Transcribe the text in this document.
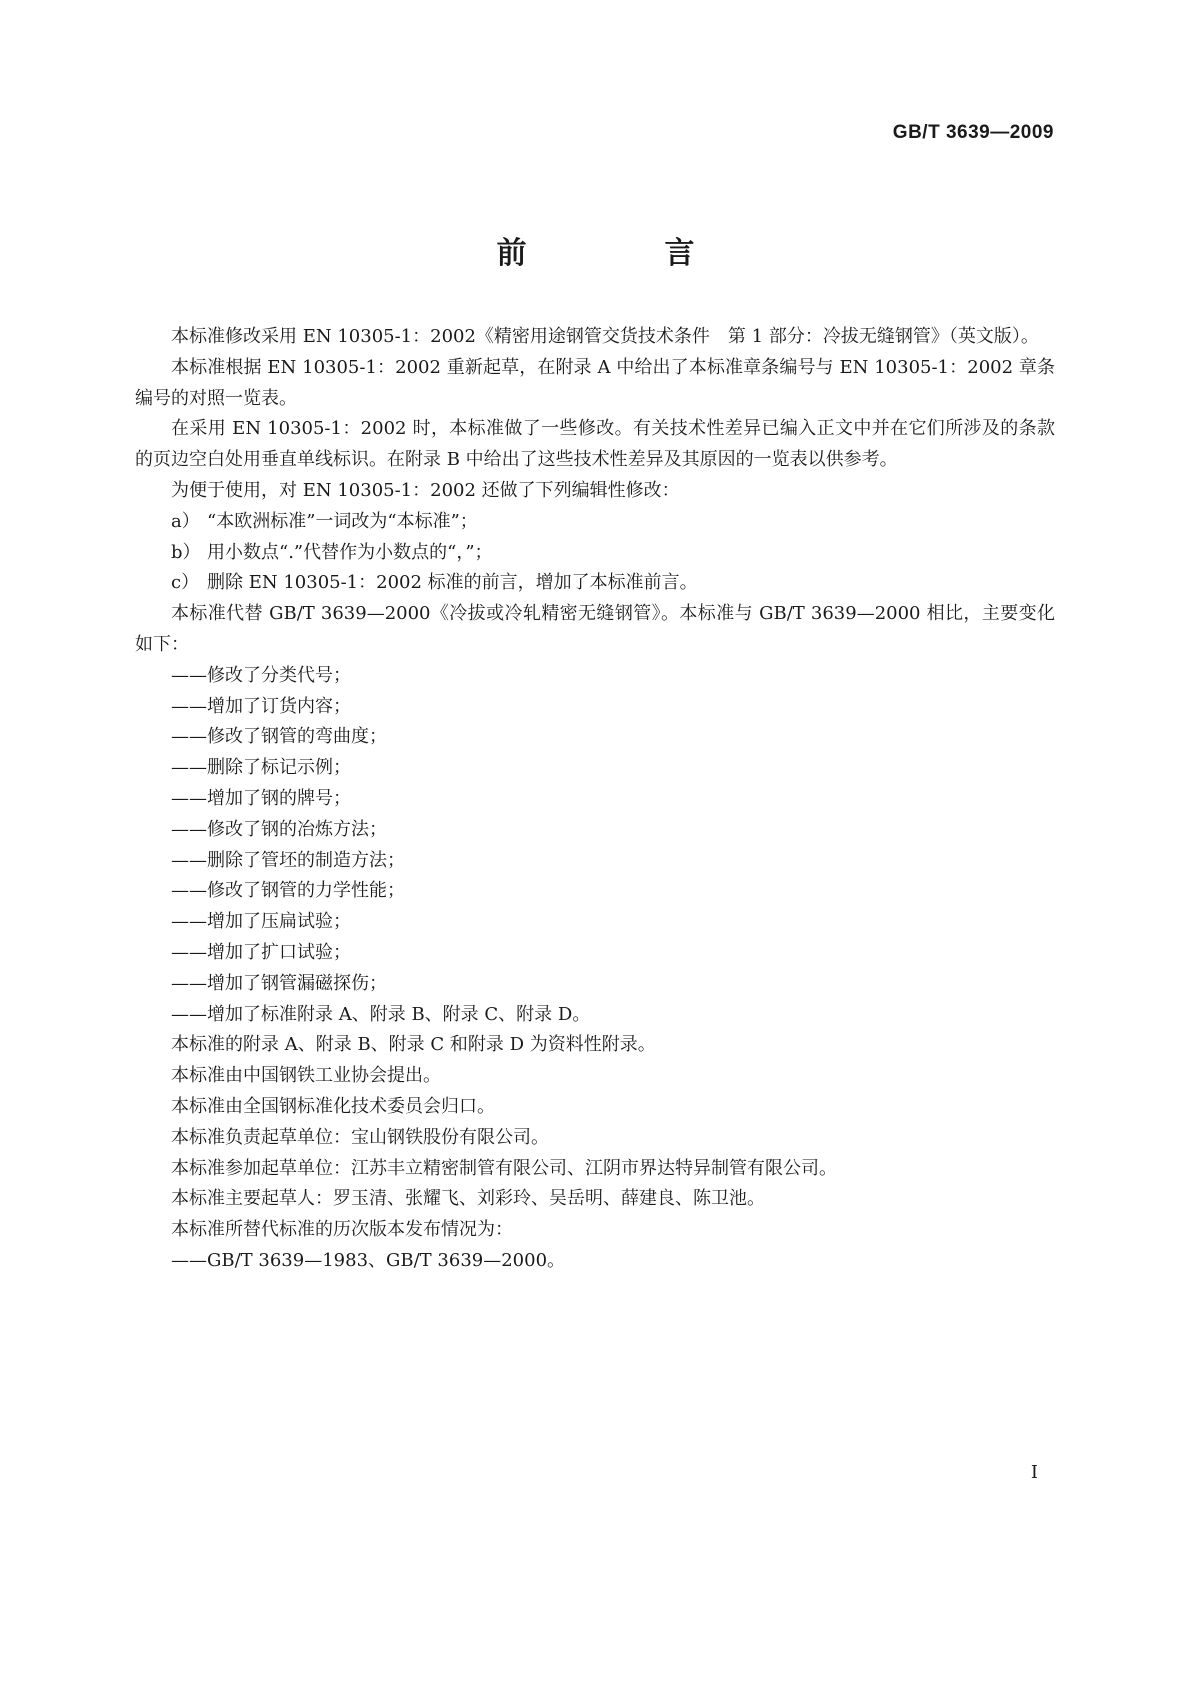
GB/T 3639—2009
前　言

本标准修改采用 EN 10305-1：2002《精密用途钢管交货技术条件　第 1 部分：冷拔无缝钢管》（英文版）。

本标准根据 EN 10305-1：2002 重新起草，在附录 A 中给出了本标准章条编号与 EN 10305-1：2002 章条编号的对照一览表。

在采用 EN 10305-1：2002 时，本标准做了一些修改。有关技术性差异已编入正文中并在它们所涉及的条款的页边空白处用垂直单线标识。在附录 B 中给出了这些技术性差异及其原因的一览表以供参考。

为便于使用，对 EN 10305-1：2002 还做了下列编辑性修改：

a） “本欧洲标准”一词改为“本标准”；
b） 用小数点“.”代替作为小数点的“，”；
c） 删除 EN 10305-1：2002 标准的前言，增加了本标准前言。

本标准代替 GB/T 3639—2000《冷拔或冷轧精密无缝钢管》。本标准与 GB/T 3639—2000 相比，主要变化如下：

——修改了分类代号；
——增加了订货内容；
——修改了钢管的弯曲度；
——删除了标记示例；
——增加了钢的牌号；
——修改了钢的冶炼方法；
——删除了管坯的制造方法；
——修改了钢管的力学性能；
——增加了压扁试验；
——增加了扩口试验；
——增加了钢管漏磁探伤；
——增加了标准附录 A、附录 B、附录 C、附录 D。

本标准的附录 A、附录 B、附录 C 和附录 D 为资料性附录。

本标准由中国钢铁工业协会提出。

本标准由全国钢标准化技术委员会归口。

本标准负责起草单位：宝山钢铁股份有限公司。

本标准参加起草单位：江苏丰立精密制管有限公司、江阴市界达特异制管有限公司。

本标准主要起草人：罗玉清、张耀飞、刘彩玲、吴岳明、薛建良、陈卫池。

本标准所替代标准的历次版本发布情况为：

——GB/T 3639—1983、GB/T 3639—2000。
I
